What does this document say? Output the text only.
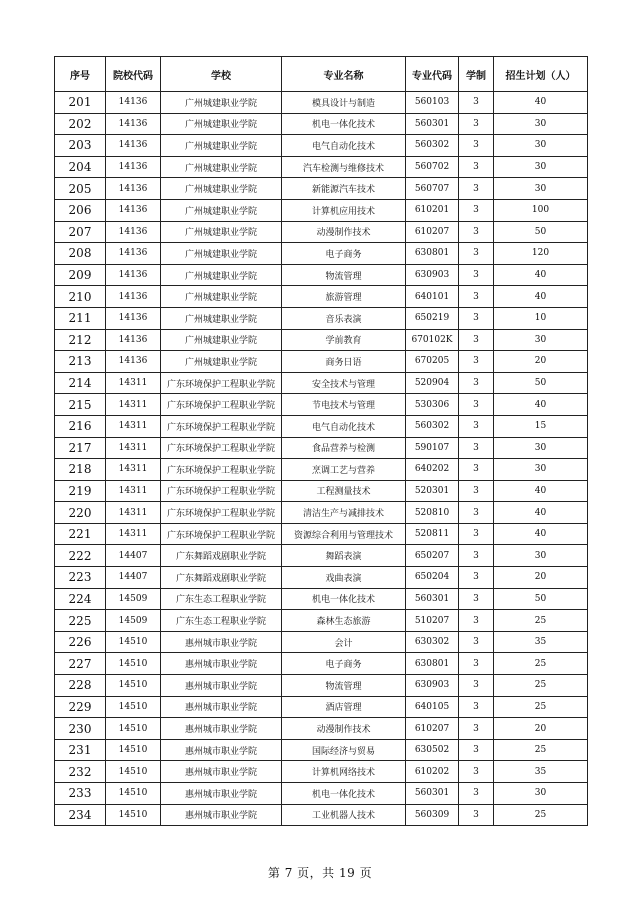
序号	院校代码	学校	专业名称	专业代码	学制	招生计划（人）
201	14136	广州城建职业学院	模具设计与制造	560103	3	40
202	14136	广州城建职业学院	机电一体化技术	560301	3	30
203	14136	广州城建职业学院	电气自动化技术	560302	3	30
204	14136	广州城建职业学院	汽车检测与维修技术	560702	3	30
205	14136	广州城建职业学院	新能源汽车技术	560707	3	30
206	14136	广州城建职业学院	计算机应用技术	610201	3	100
207	14136	广州城建职业学院	动漫制作技术	610207	3	50
208	14136	广州城建职业学院	电子商务	630801	3	120
209	14136	广州城建职业学院	物流管理	630903	3	40
210	14136	广州城建职业学院	旅游管理	640101	3	40
211	14136	广州城建职业学院	音乐表演	650219	3	10
212	14136	广州城建职业学院	学前教育	670102K	3	30
213	14136	广州城建职业学院	商务日语	670205	3	20
214	14311	广东环境保护工程职业学院	安全技术与管理	520904	3	50
215	14311	广东环境保护工程职业学院	节电技术与管理	530306	3	40
216	14311	广东环境保护工程职业学院	电气自动化技术	560302	3	15
217	14311	广东环境保护工程职业学院	食品营养与检测	590107	3	30
218	14311	广东环境保护工程职业学院	烹调工艺与营养	640202	3	30
219	14311	广东环境保护工程职业学院	工程测量技术	520301	3	40
220	14311	广东环境保护工程职业学院	清洁生产与减排技术	520810	3	40
221	14311	广东环境保护工程职业学院	资源综合利用与管理技术	520811	3	40
222	14407	广东舞蹈戏剧职业学院	舞蹈表演	650207	3	30
223	14407	广东舞蹈戏剧职业学院	戏曲表演	650204	3	20
224	14509	广东生态工程职业学院	机电一体化技术	560301	3	50
225	14509	广东生态工程职业学院	森林生态旅游	510207	3	25
226	14510	惠州城市职业学院	会计	630302	3	35
227	14510	惠州城市职业学院	电子商务	630801	3	25
228	14510	惠州城市职业学院	物流管理	630903	3	25
229	14510	惠州城市职业学院	酒店管理	640105	3	25
230	14510	惠州城市职业学院	动漫制作技术	610207	3	20
231	14510	惠州城市职业学院	国际经济与贸易	630502	3	25
232	14510	惠州城市职业学院	计算机网络技术	610202	3	35
233	14510	惠州城市职业学院	机电一体化技术	560301	3	30
234	14510	惠州城市职业学院	工业机器人技术	560309	3	25
第 7 页，共 19 页
